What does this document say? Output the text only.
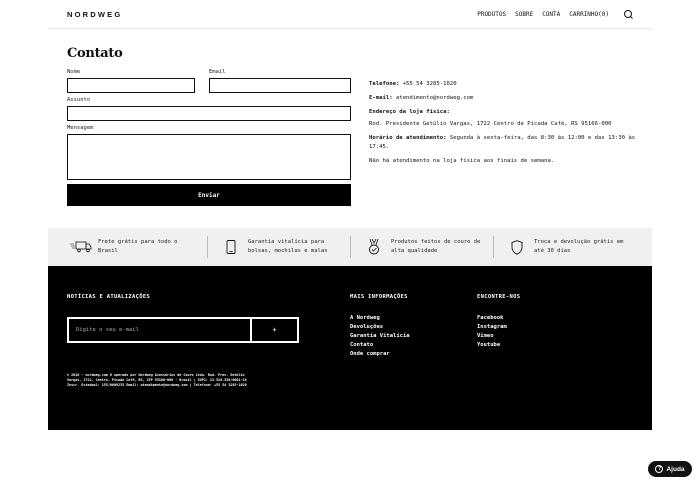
NORDWEG	PRODUTOS SOBRE CONTA CARRINHO(0)
Contato
Nome	Email
Assunto
Mensagem
Enviar

Telefone: +55 54 3285-1020

E-mail: atendimento@nordweg.com

Endereço da loja física:

Rod. Presidente Getúlio Vargas, 1722 Centro de Picada Café, RS 95166-000

Horário de atendimento: Segunda à sexta-feira, das 8:30 às 12:00 e das 13:30 às 17:45.

Não há atendimento na loja física aos finais de semana.

Frete grátis para todo o Brasil
Garantia vitalícia para bolsas, mochilas e malas
Produtos feitos de couro de alta qualidade
Troca e devolução grátis em até 30 dias
NOTÍCIAS E ATUALIZAÇÕES
Digite o seu e-mail	+
© 2016 - nordweg.com é operado por Nordweg Acessórios de Couro Ltda. Rod. Pres. Getúlio Vargas, 1722, Centro, Picada Café, RS, CEP 95166-000 - Brasil | CNPJ: 13.526.356/0001-16 Inscr. Estadual: 155/0009235 Email: atendimento@nordweg.com | Telefone: +55 54 3285-1020
MAIS INFORMAÇÕES
A Nordweg
Devoluções
Garantia Vitalícia
Contato
Onde comprar
ENCONTRE-NOS
Facebook
Instagram
Vimeo
Youtube
? Ajuda
